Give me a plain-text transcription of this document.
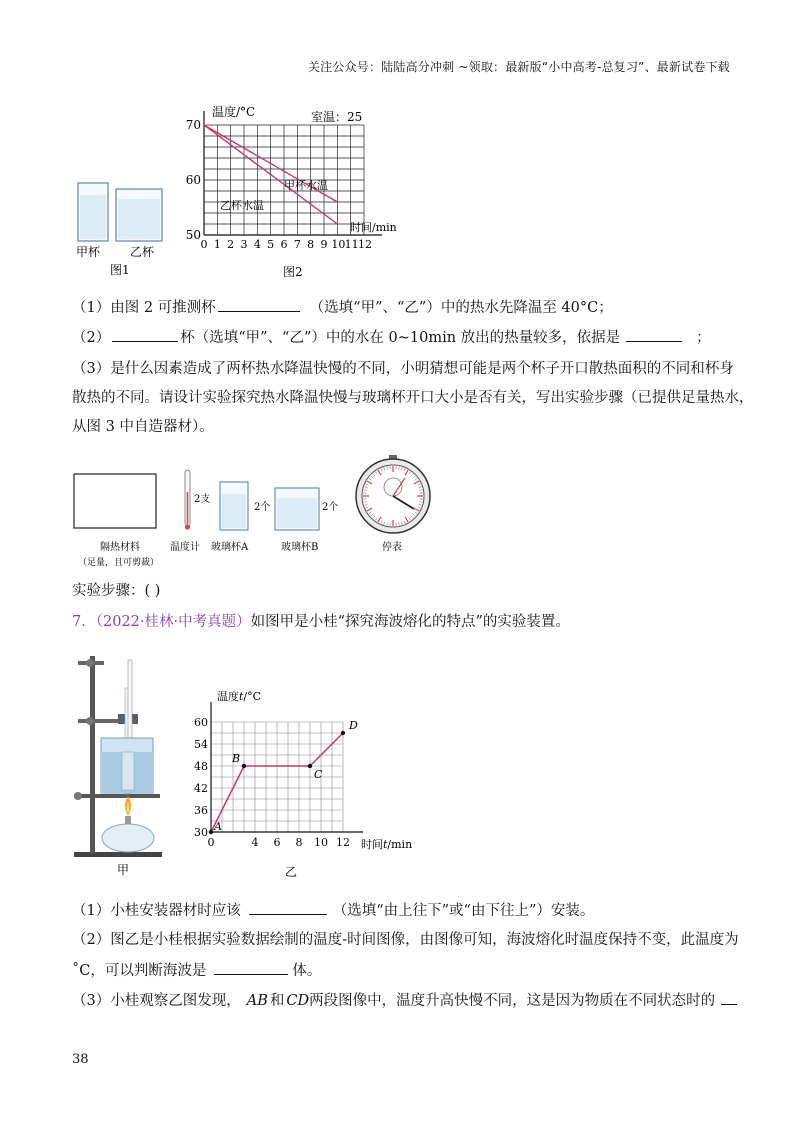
关注公众号：陆陆高分冲刺 ~领取：最新版“小中高考-总复习”、最新试卷下载
甲杯 乙杯
图1
70
60
50
0 1 2 3 4 5 6 7 8 9 10 11 12
温度/°C	室温：25
甲杯水温
乙杯水温
时间/min
图2
（1）由图 2 可推测杯	（选填“甲”、“乙”）中的热水先降温至 40°C；
（2）	杯（选填“甲”、“乙”）中的水在 0~10min 放出的热量较多，依据是	；
（3）是什么因素造成了两杯热水降温快慢的不同，小明猜想可能是两个杯子开口散热面积的不同和杯身
散热的不同。请设计实验探究热水降温快慢与玻璃杯开口大小是否有关，写出实验步骤（已提供足量热水，
从图 3 中自造器材）。
隔热材料
（足量，且可剪裁）
2支
温度计
2个
玻璃杯A
2个
玻璃杯B	停表
实验步骤：( )
7．（2022·桂林·中考真题）如图甲是小桂“探究海波熔化的特点”的实验装置。
甲
30
36
42
48
54
60
0	4 6 8 10 12
A
B
C
D
温度t/°C
时间t/min
乙
（1）小桂安装器材时应该	（选填“由上往下”或“由下往上”）安装。
（2）图乙是小桂根据实验数据绘制的温度-时间图像，由图像可知，海波熔化时温度保持不变，此温度为
˚C，可以判断海波是	体。
（3）小桂观察乙图发现， AB 和 CD两段图像中，温度升高快慢不同，这是因为物质在不同状态时的
38
